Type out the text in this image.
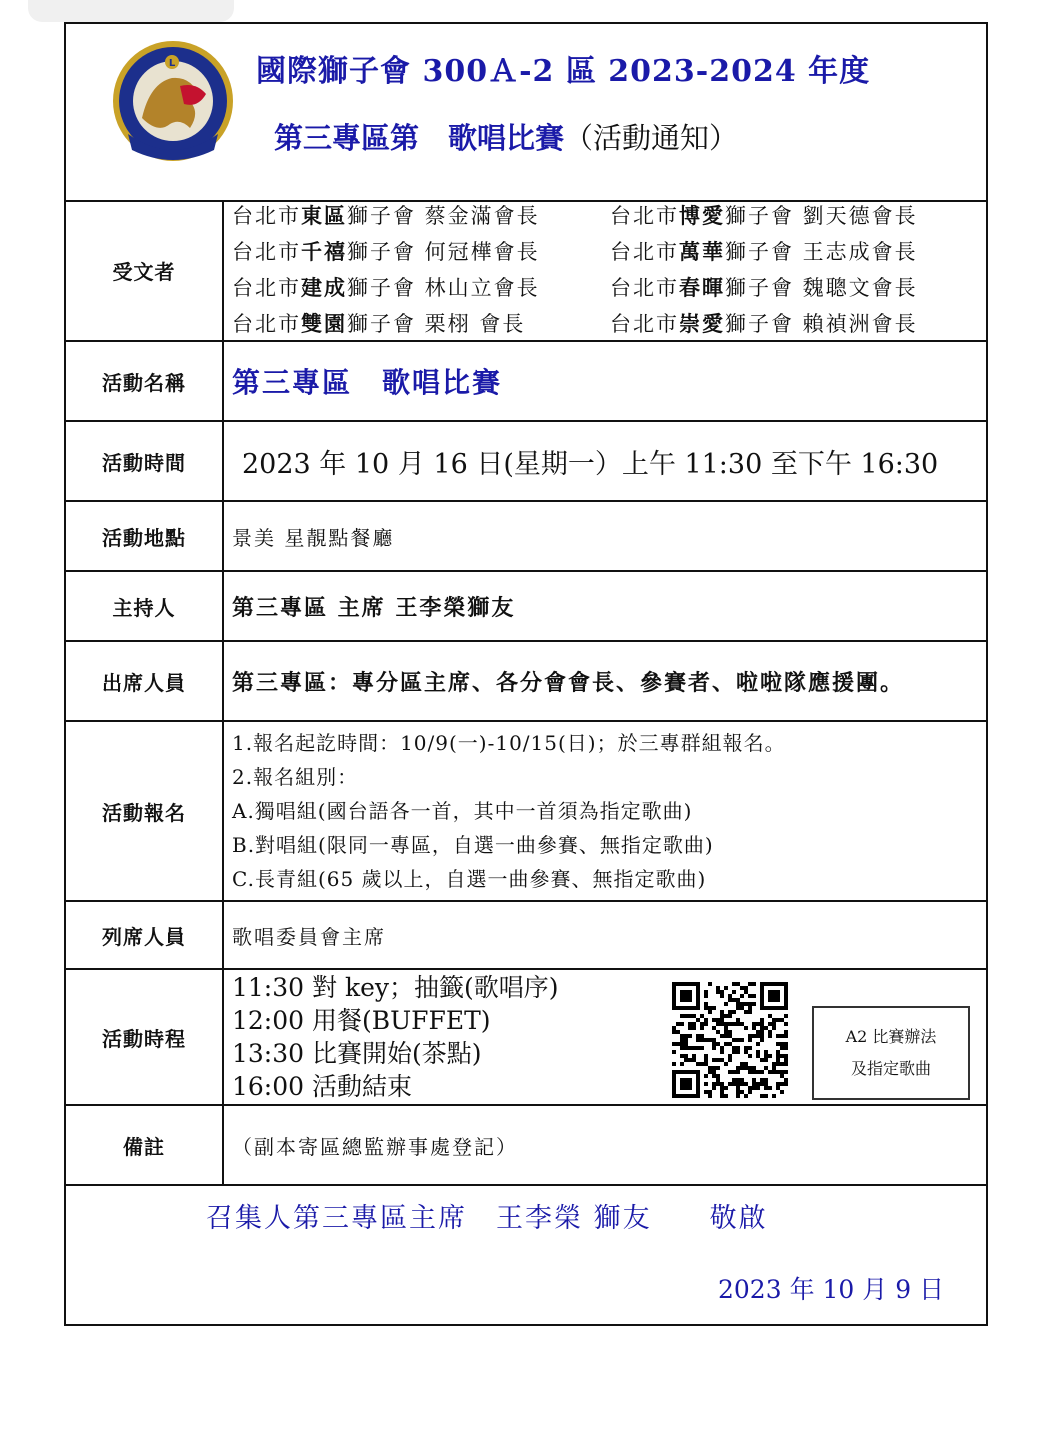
L	國際獅子會 300Ａ-2 區 2023-2024 年度
第三專區第　歌唱比賽（活動通知）
受文者
台北市東區獅子會 蔡金滿會長	台北市博愛獅子會 劉天德會長
台北市千禧獅子會 何冠樺會長	台北市萬華獅子會 王志成會長
台北市建成獅子會 林山立會長	台北市春暉獅子會 魏聰文會長
台北市雙園獅子會 栗栩 會長	台北市崇愛獅子會 賴禎洲會長
活動名稱	第三專區　歌唱比賽
活動時間	2023 年 10 月 16 日(星期一）上午 11:30 至下午 16:30
活動地點	景美 星靚點餐廳
主持人	第三專區 主席 王李榮獅友
出席人員	第三專區：專分區主席、各分會會長、參賽者、啦啦隊應援團。
活動報名
1.報名起訖時間：10/9(一)-10/15(日)；於三專群組報名。
2.報名組別：
A.獨唱組(國台語各一首，其中一首須為指定歌曲)
B.對唱組(限同一專區，自選一曲參賽、無指定歌曲)
C.長青組(65 歲以上，自選一曲參賽、無指定歌曲)
列席人員	歌唱委員會主席
活動時程
11:30 對 key；抽籤(歌唱序)
12:00 用餐(BUFFET)
13:30 比賽開始(茶點)
16:00 活動結束
A2 比賽辦法
及指定歌曲
備註	（副本寄區總監辦事處登記）
召集人第三專區主席　王李榮 獅友　　敬啟
2023 年 10 月 9 日
